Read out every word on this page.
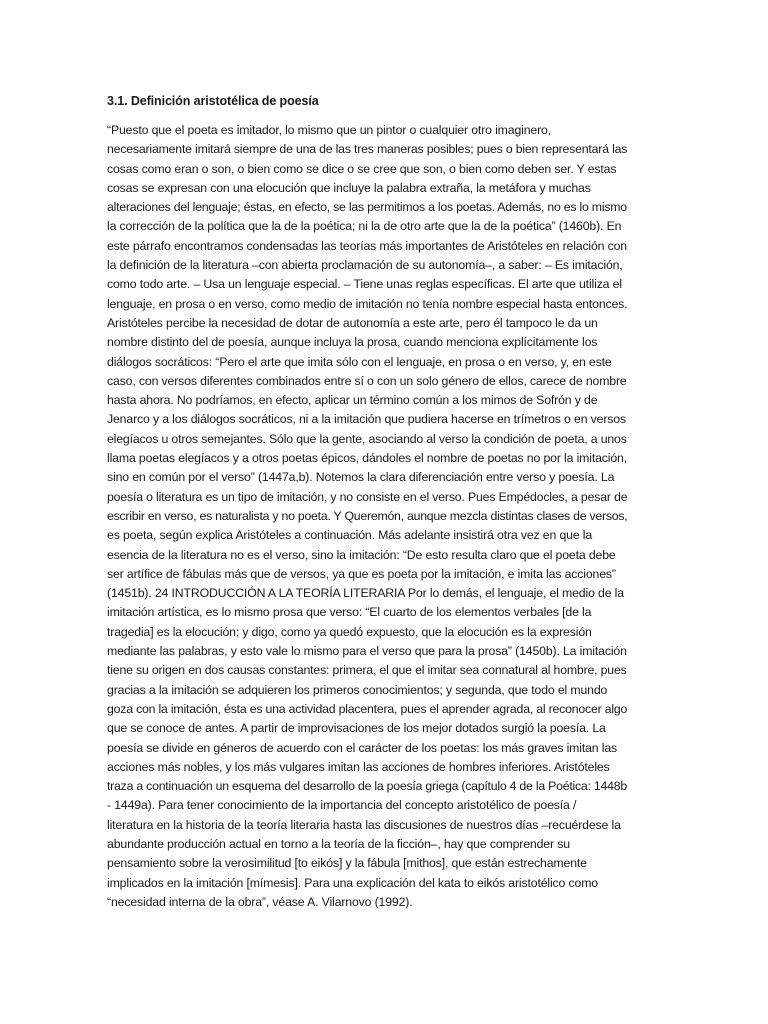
3.1. Definición aristotélica de poesía
“Puesto que el poeta es imitador, lo mismo que un pintor o cualquier otro imaginero,
necesariamente imitará siempre de una de las tres maneras posibles; pues o bien representará las
cosas como eran o son, o bien como se dice o se cree que son, o bien como deben ser. Y estas
cosas se expresan con una elocución que incluye la palabra extraña, la metáfora y muchas
alteraciones del lenguaje; éstas, en efecto, se las permitimos a los poetas. Además, no es lo mismo
la corrección de la política que la de la poética; ni la de otro arte que la de la poética” (1460b). En
este párrafo encontramos condensadas las teorías más importantes de Aristóteles en relación con
la definición de la literatura –con abierta proclamación de su autonomía–, a saber: – Es imitación,
como todo arte. – Usa un lenguaje especial. – Tiene unas reglas específicas. El arte que utiliza el
lenguaje, en prosa o en verso, como medio de imitación no tenía nombre especial hasta entonces.
Aristóteles percibe la necesidad de dotar de autonomía a este arte, pero él tampoco le da un
nombre distinto del de poesía, aunque incluya la prosa, cuando menciona explícitamente los
diálogos socráticos: “Pero el arte que imita sólo con el lenguaje, en prosa o en verso, y, en este
caso, con versos diferentes combinados entre sí o con un solo género de ellos, carece de nombre
hasta ahora. No podríamos, en efecto, aplicar un término común a los mimos de Sofrón y de
Jenarco y a los diálogos socráticos, ni a la imitación que pudiera hacerse en trímetros o en versos
elegíacos u otros semejantes. Sólo que la gente, asociando al verso la condición de poeta, a unos
llama poetas elegíacos y a otros poetas épicos, dándoles el nombre de poetas no por la imitación,
sino en común por el verso” (1447a,b). Notemos la clara diferenciación entre verso y poesía. La
poesía o literatura es un tipo de imitación, y no consiste en el verso. Pues Empédocles, a pesar de
escribir en verso, es naturalista y no poeta. Y Queremón, aunque mezcla distintas clases de versos,
es poeta, según explica Aristóteles a continuación. Más adelante insistirá otra vez en que la
esencia de la literatura no es el verso, sino la imitación: “De esto resulta claro que el poeta debe
ser artífice de fábulas más que de versos, ya que es poeta por la imitación, e imita las acciones”
(1451b). 24 INTRODUCCIÓN A LA TEORÍA LITERARIA Por lo demás, el lenguaje, el medio de la
imitación artística, es lo mismo prosa que verso: “El cuarto de los elementos verbales [de la
tragedia] es la elocución; y digo, como ya quedó expuesto, que la elocución es la expresión
mediante las palabras, y esto vale lo mismo para el verso que para la prosa” (1450b). La imitación
tiene su origen en dos causas constantes: primera, el que el imitar sea connatural al hombre, pues
gracias a la imitación se adquieren los primeros conocimientos; y segunda, que todo el mundo
goza con la imitación, ésta es una actividad placentera, pues el aprender agrada, al reconocer algo
que se conoce de antes. A partir de improvisaciones de los mejor dotados surgió la poesía. La
poesía se divide en géneros de acuerdo con el carácter de los poetas: los más graves imitan las
acciones más nobles, y los más vulgares imitan las acciones de hombres inferiores. Aristóteles
traza a continuación un esquema del desarrollo de la poesía griega (capítulo 4 de la Poética: 1448b
- 1449a). Para tener conocimiento de la importancia del concepto aristotélico de poesía /
literatura en la historia de la teoría literaria hasta las discusiones de nuestros días –recuérdese la
abundante producción actual en torno a la teoría de la ficción–, hay que comprender su
pensamiento sobre la verosimilitud [to eikós] y la fábula [mithos], que están estrechamente
implicados en la imitación [mímesis]. Para una explicación del kata to eikós aristotélico como
“necesidad interna de la obra”, véase A. Vilarnovo (1992).
